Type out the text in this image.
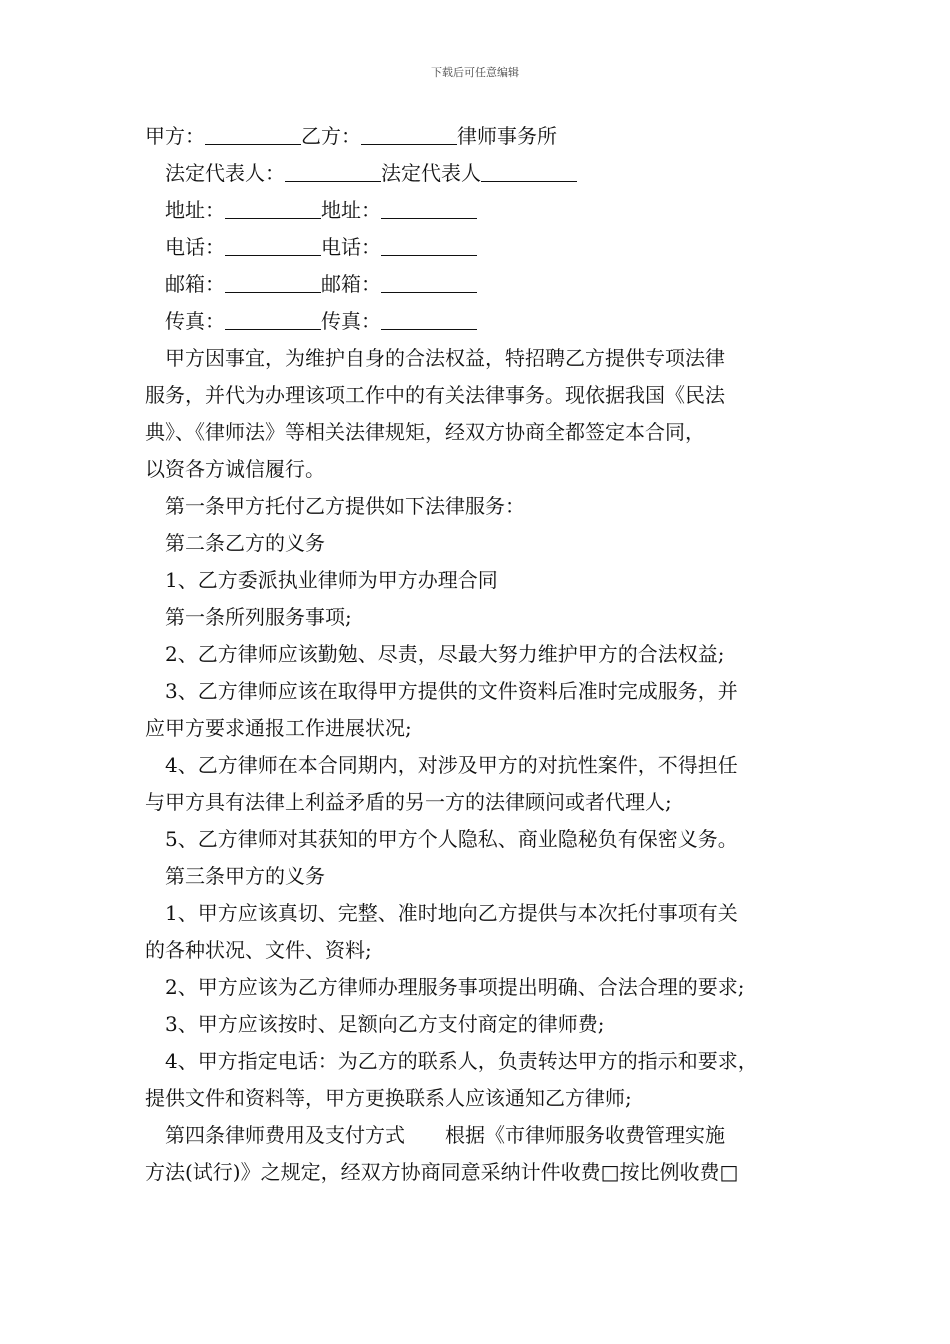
下载后可任意编辑
甲方：	乙方：	律师事务所
法定代表人：	法定代表人
地址：	地址：
电话：	电话：
邮箱：	邮箱：
传真：	传真：
甲方因事宜，为维护自身的合法权益，特招聘乙方提供专项法律
服务，并代为办理该项工作中的有关法律事务。现依据我国《民法
典》、《律师法》等相关法律规矩，经双方协商全都签定本合同，
以资各方诚信履行。
第一条甲方托付乙方提供如下法律服务：
第二条乙方的义务
1、乙方委派执业律师为甲方办理合同
第一条所列服务事项;
2、乙方律师应该勤勉、尽责，尽最大努力维护甲方的合法权益;
3、乙方律师应该在取得甲方提供的文件资料后准时完成服务，并
应甲方要求通报工作进展状况;
4、乙方律师在本合同期内，对涉及甲方的对抗性案件，不得担任
与甲方具有法律上利益矛盾的另一方的法律顾问或者代理人;
5、乙方律师对其获知的甲方个人隐私、商业隐秘负有保密义务。
第三条甲方的义务
1、甲方应该真切、完整、准时地向乙方提供与本次托付事项有关
的各种状况、文件、资料;
2、甲方应该为乙方律师办理服务事项提出明确、合法合理的要求;
3、甲方应该按时、足额向乙方支付商定的律师费;
4、甲方指定电话：为乙方的联系人，负责转达甲方的指示和要求，
提供文件和资料等，甲方更换联系人应该通知乙方律师;
第四条律师费用及支付方式　　根据《市律师服务收费管理实施
方法(试行)》之规定，经双方协商同意采纳计件收费□按比例收费□
